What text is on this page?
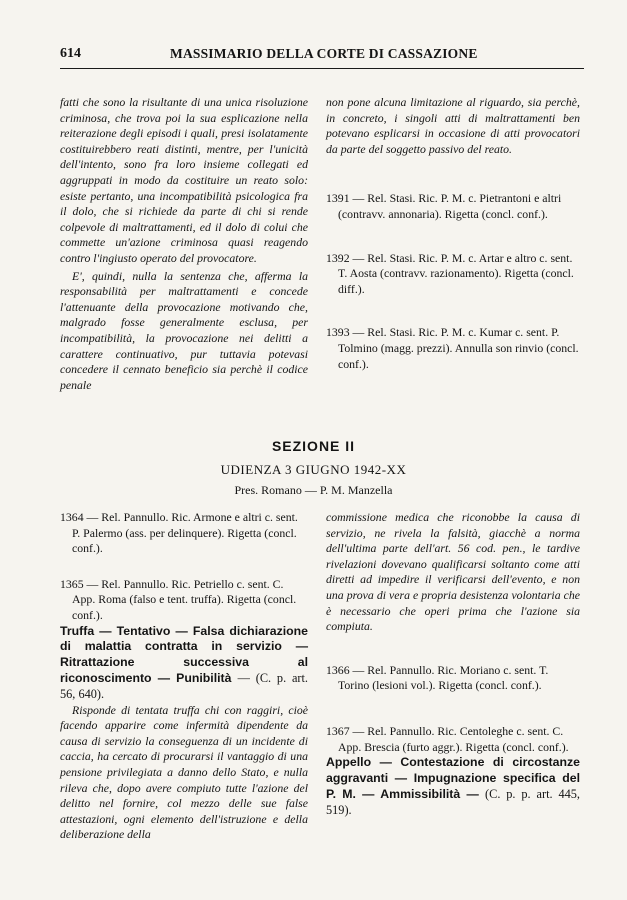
614	MASSIMARIO DELLA CORTE DI CASSAZIONE

fatti che sono la risultante di una unica risoluzione criminosa, che trova poi la sua esplicazione nella reiterazione degli episodi i quali, presi isolatamente costituirebbero reati distinti, mentre, per l'unicità dell'intento, sono fra loro insieme collegati ed aggruppati in modo da costituire un reato solo: esiste pertanto, una incompatibilità psicologica fra il dolo, che si richiede da parte di chi si rende colpevole di maltrattamenti, ed il dolo di colui che commette un'azione criminosa quasi reagendo contro l'ingiusto operato del provocatore.

E', quindi, nulla la sentenza che, afferma la responsabilità per maltrattamenti e concede l'attenuante della provocazione motivando che, malgrado fosse generalmente esclusa, per incompatibilità, la provocazione nei delitti a carattere continuativo, pur tuttavia potevasi concedere il cennato beneficio sia perchè il codice penale

non pone alcuna limitazione al riguardo, sia perchè, in concreto, i singoli atti di maltrattamenti ben potevano esplicarsi in occasione di atti provocatori da parte del soggetto passivo del reato.

1391 — Rel. Stasi. Ric. P. M. c. Pietrantoni e altri (contravv. annonaria). Rigetta (concl. conf.).

1392 — Rel. Stasi. Ric. P. M. c. Artar e altro c. sent. T. Aosta (contravv. razionamento). Rigetta (concl. diff.).

1393 — Rel. Stasi. Ric. P. M. c. Kumar c. sent. P. Tolmino (magg. prezzi). Annulla son rinvio (concl. conf.).

SEZIONE II
UDIENZA 3 GIUGNO 1942-XX
Pres. Romano — P. M. Manzella

1364 — Rel. Pannullo. Ric. Armone e altri c. sent. P. Palermo (ass. per delinquere). Rigetta (concl. conf.).

1365 — Rel. Pannullo. Ric. Petriello c. sent. C. App. Roma (falso e tent. truffa). Rigetta (concl. conf.).

Truffa — Tentativo — Falsa dichiarazione di malattia contratta in servizio — Ritrattazione successiva al riconoscimento — Punibilità — (C. p. art. 56, 640).

Risponde di tentata truffa chi con raggiri, cioè facendo apparire come infermità dipendente da causa di servizio la conseguenza di un incidente di caccia, ha cercato di procurarsi il vantaggio di una pensione privilegiata a danno dello Stato, e nulla rileva che, dopo avere compiuto tutte l'azione del delitto nel fornire, col mezzo delle sue false attestazioni, ogni elemento dell'istruzione e della deliberazione della

commissione medica che riconobbe la causa di servizio, ne rivela la falsità, giacchè a norma dell'ultima parte dell'art. 56 cod. pen., le tardive rivelazioni dovevano qualificarsi soltanto come atti diretti ad impedire il verificarsi dell'evento, e non una prova di vera e propria desistenza volontaria che è necessario che operi prima che l'azione sia compiuta.

1366 — Rel. Pannullo. Ric. Moriano c. sent. T. Torino (lesioni vol.). Rigetta (concl. conf.).

1367 — Rel. Pannullo. Ric. Centoleghe c. sent. C. App. Brescia (furto aggr.). Rigetta (concl. conf.).

Appello — Contestazione di circostanze aggravanti — Impugnazione specifica del P. M. — Ammissibilità — (C. p. p. art. 445, 519).
